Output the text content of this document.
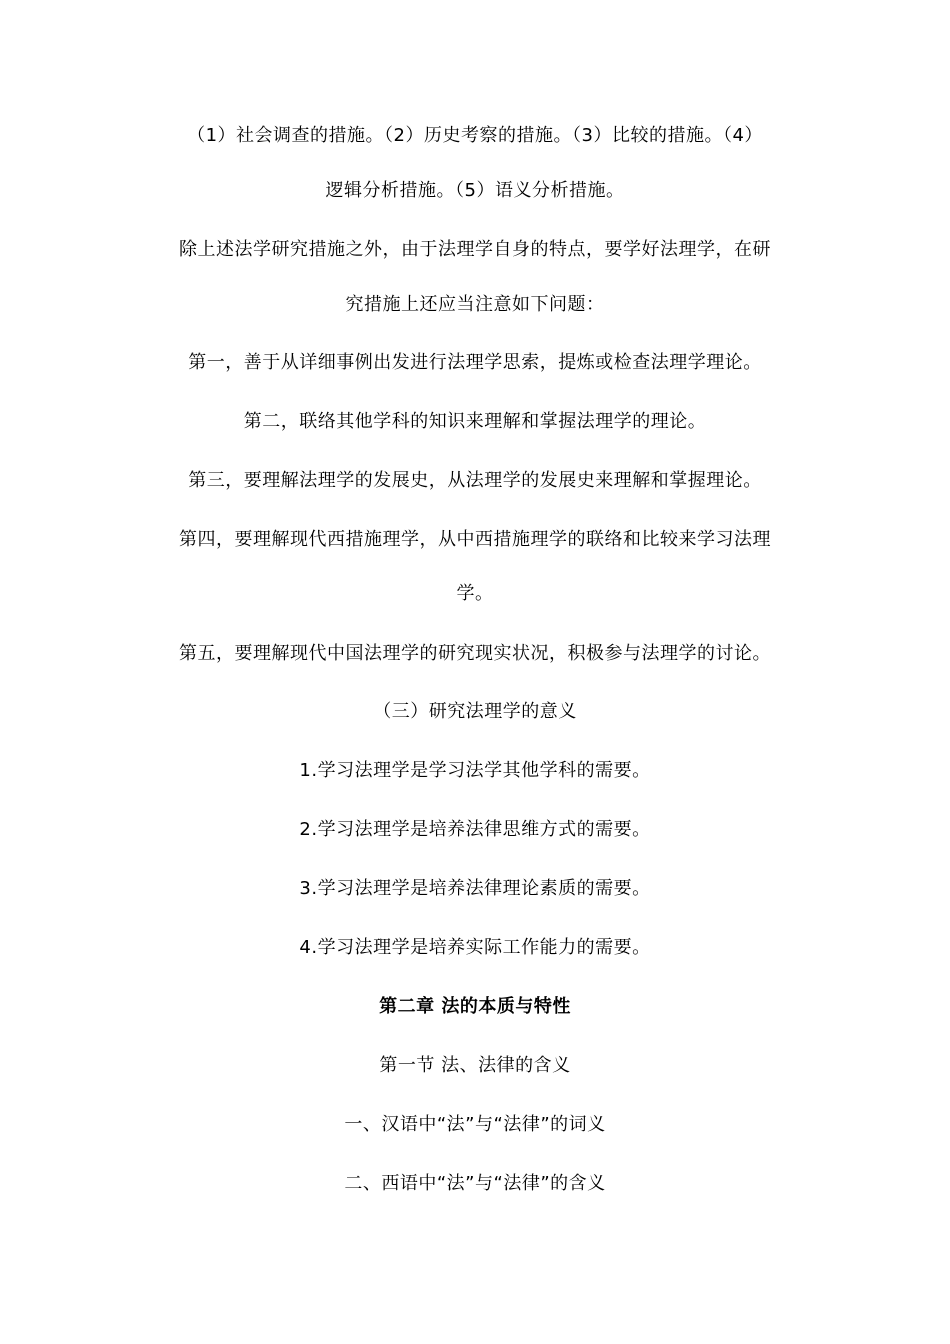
（1）社会调查的措施。（2）历史考察的措施。（3）比较的措施。（4）
逻辑分析措施。（5）语义分析措施。
除上述法学研究措施之外，由于法理学自身的特点，要学好法理学，在研
究措施上还应当注意如下问题：
第一，善于从详细事例出发进行法理学思索，提炼或检查法理学理论。
第二，联络其他学科的知识来理解和掌握法理学的理论。
第三，要理解法理学的发展史，从法理学的发展史来理解和掌握理论。
第四，要理解现代西措施理学，从中西措施理学的联络和比较来学习法理
学。
第五，要理解现代中国法理学的研究现实状况，积极参与法理学的讨论。
（三）研究法理学的意义
1.学习法理学是学习法学其他学科的需要。
2.学习法理学是培养法律思维方式的需要。
3.学习法理学是培养法律理论素质的需要。
4.学习法理学是培养实际工作能力的需要。
第二章 法的本质与特性
第一节 法、法律的含义
一、汉语中“法”与“法律”的词义
二、西语中“法”与“法律”的含义
